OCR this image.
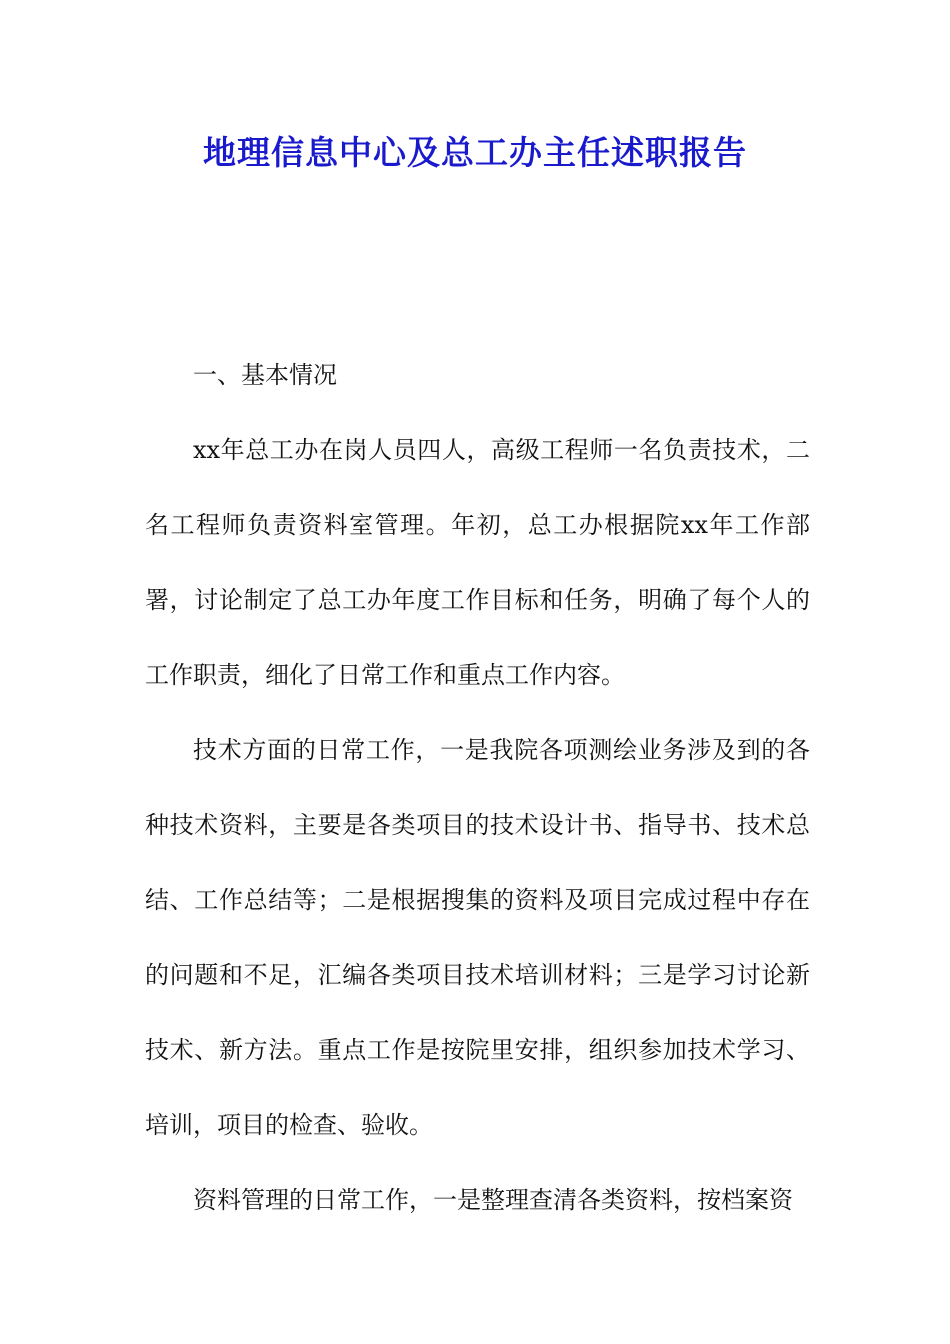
地理信息中心及总工办主任述职报告

一、基本情况

xx年总工办在岗人员四人，高级工程师一名负责技术，二名工程师负责资料室管理。年初，总工办根据院xx年工作部署，讨论制定了总工办年度工作目标和任务，明确了每个人的工作职责，细化了日常工作和重点工作内容。

技术方面的日常工作，一是我院各项测绘业务涉及到的各种技术资料，主要是各类项目的技术设计书、指导书、技术总结、工作总结等；二是根据搜集的资料及项目完成过程中存在的问题和不足，汇编各类项目技术培训材料；三是学习讨论新技术、新方法。重点工作是按院里安排，组织参加技术学习、培训，项目的检查、验收。

资料管理的日常工作，一是整理查清各类资料，按档案资
